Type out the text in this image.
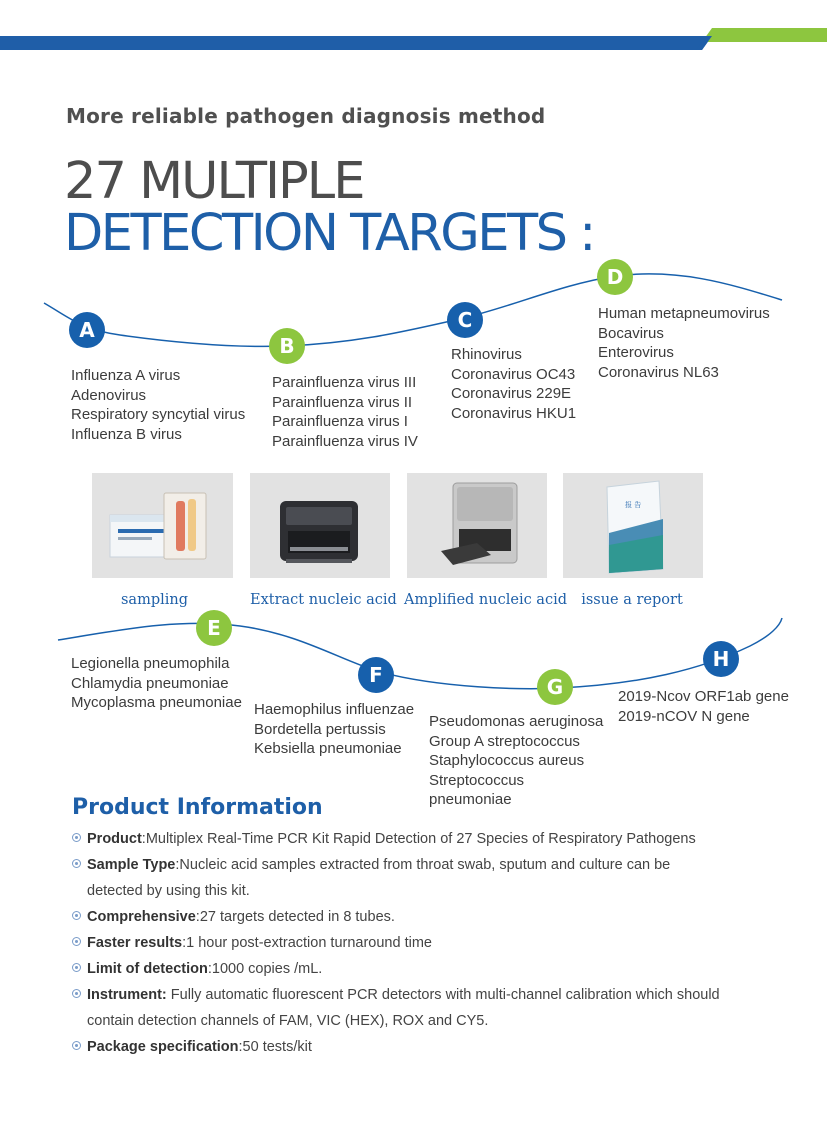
More reliable pathogen diagnosis method
27 MULTIPLE
DETECTION TARGETS :
A
B
C
D
Influenza A virus
Adenovirus
Respiratory syncytial virus
Influenza B virus
Parainfluenza virus III
Parainfluenza virus II
Parainfluenza virus I
Parainfluenza virus IV
Rhinovirus
Coronavirus OC43
Coronavirus 229E
Coronavirus HKU1
Human metapneumovirus
Bocavirus
Enterovirus
Coronavirus NL63
报 告
sampling	Extract nucleic acid Amplified nucleic acid issue a report
E
F	G
H
Legionella pneumophila
Chlamydia pneumoniae
Mycoplasma pneumoniae Haemophilus influenzae
Bordetella pertussis
Kebsiella pneumoniae
Pseudomonas aeruginosa
Group A streptococcus
Staphylococcus aureus
Streptococcus
pneumoniae
2019-Ncov ORF1ab gene
2019-nCOV N gene
Product Information
Product:Multiplex Real-Time PCR Kit Rapid Detection of 27 Species of Respiratory Pathogens
Sample Type:Nucleic acid samples extracted from throat swab, sputum and culture can be
detected by using this kit.
Comprehensive:27 targets detected in 8 tubes.
Faster results:1 hour post-extraction turnaround time
Limit of detection:1000 copies /mL.
Instrument: Fully automatic fluorescent PCR detectors with multi-channel calibration which should
contain detection channels of FAM, VIC (HEX), ROX and CY5.
Package specification:50 tests/kit
